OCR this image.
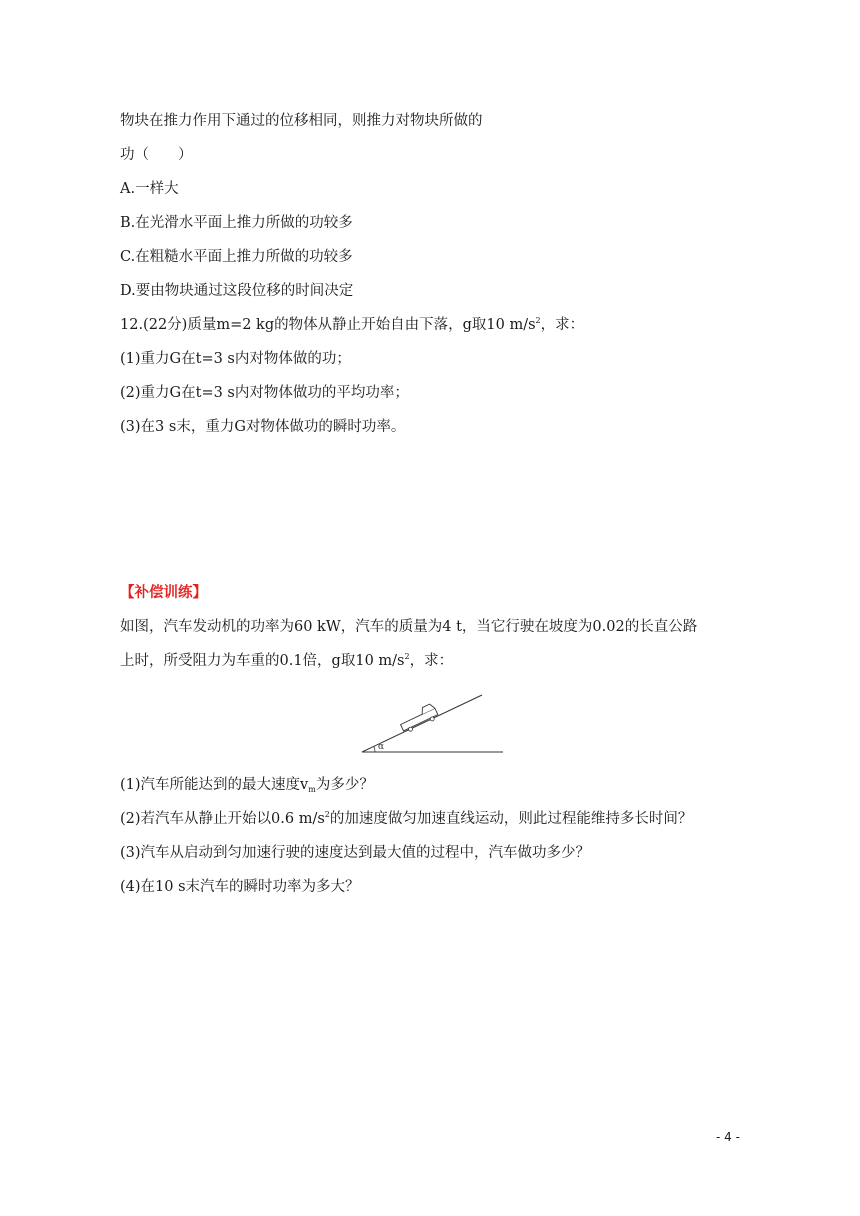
物块在推力作用下通过的位移相同，则推力对物块所做的
功（　　）
A.一样大
B.在光滑水平面上推力所做的功较多
C.在粗糙水平面上推力所做的功较多
D.要由物块通过这段位移的时间决定
12.(22分)质量m=2 kg的物体从静止开始自由下落，g取10 $m/s^2$，求：
(1)重力G在t=3 s内对物体做的功；
(2)重力G在t=3 s内对物体做功的平均功率；
(3)在3 s末，重力G对物体做功的瞬时功率。
【补偿训练】
如图，汽车发动机的功率为60 kW，汽车的质量为4 t，当它行驶在坡度为0.02的长直公路
上时，所受阻力为车重的0.1倍，g取10 $m/s^2$，求：
α
(1)汽车所能达到的最大速度$v_m$为多少？
(2)若汽车从静止开始以0.6 $m/s^2$的加速度做匀加速直线运动，则此过程能维持多长时间？
(3)汽车从启动到匀加速行驶的速度达到最大值的过程中，汽车做功多少？
(4)在10 s末汽车的瞬时功率为多大？
- 4 -
